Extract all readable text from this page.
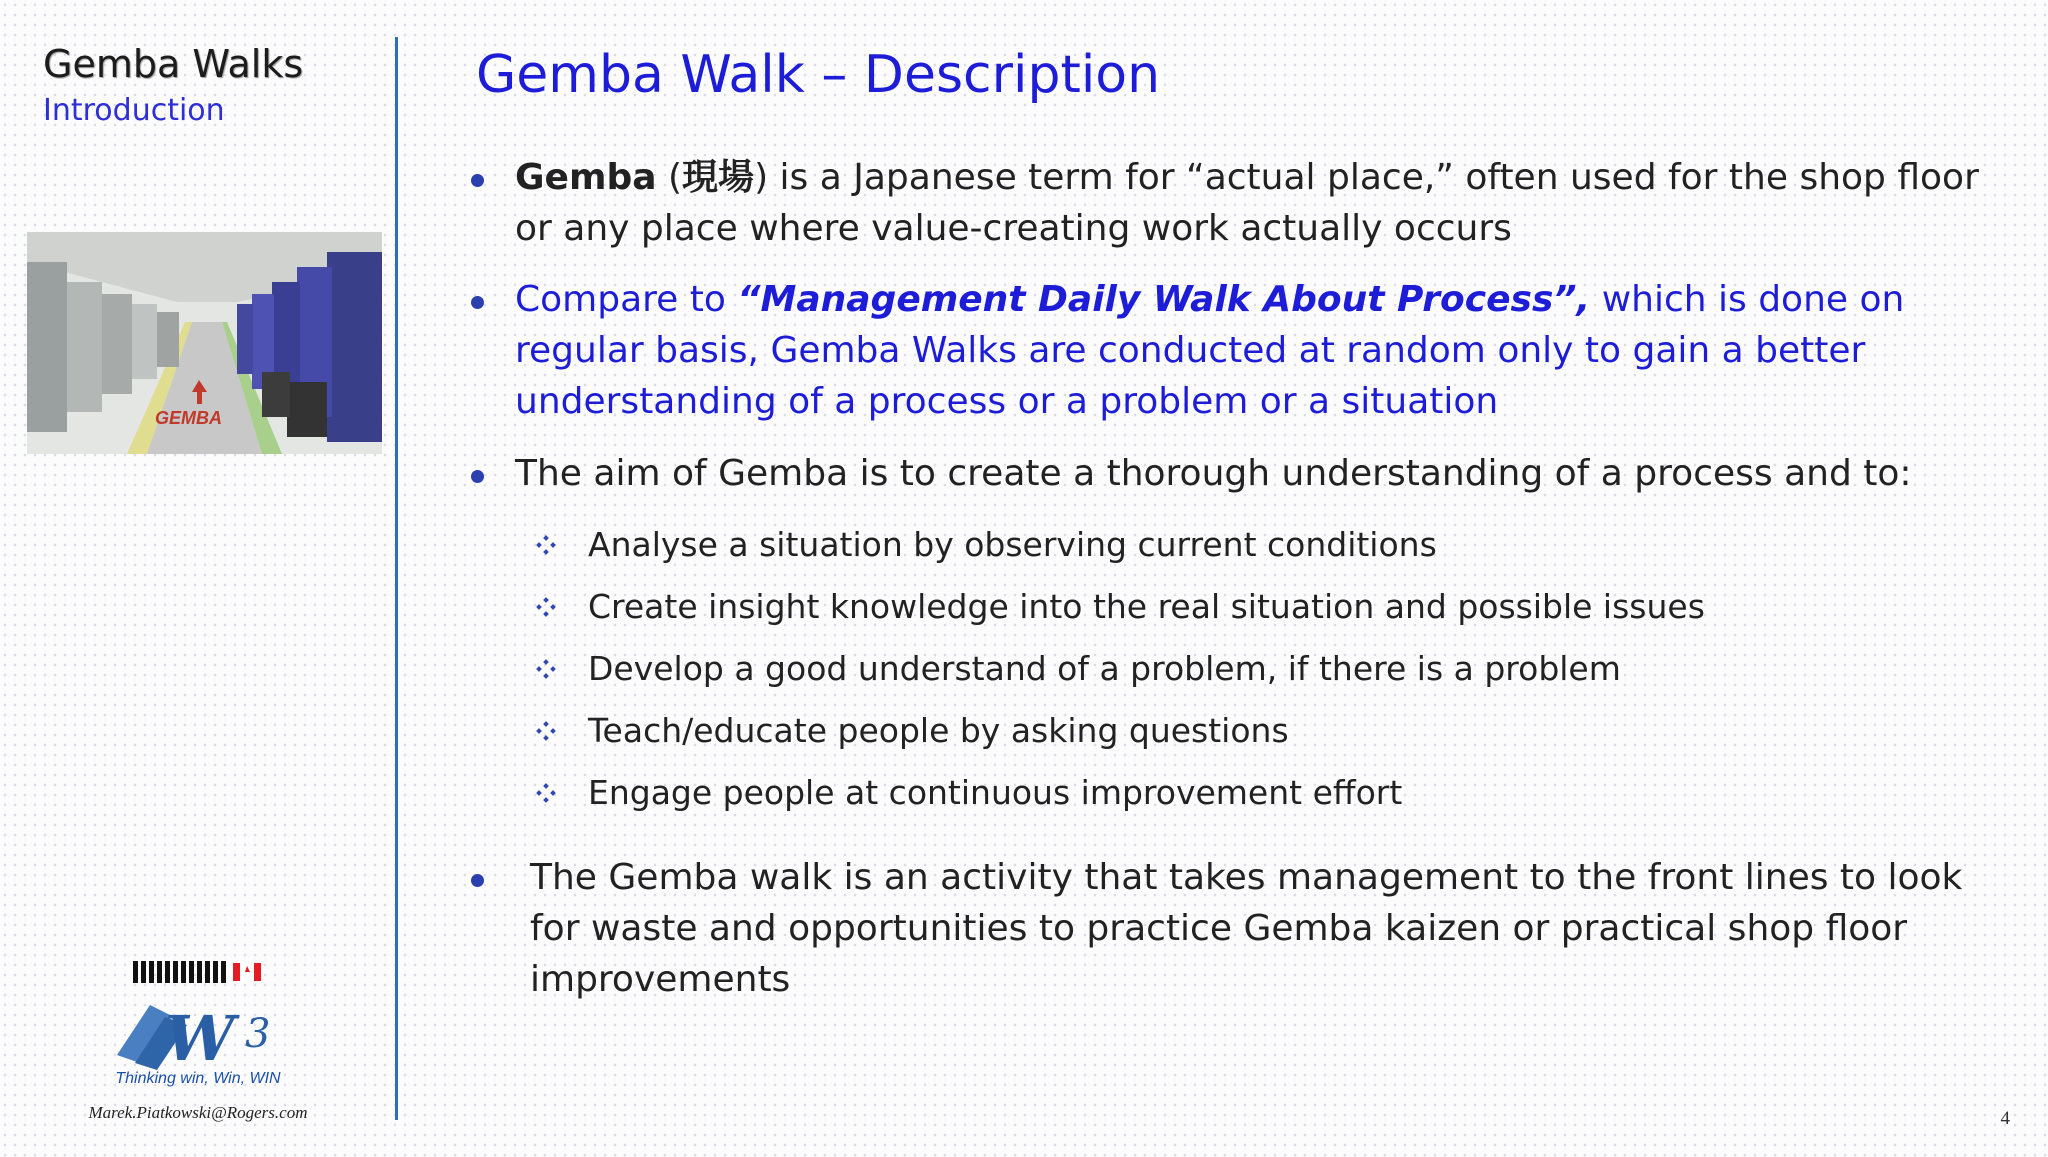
Gemba Walks
Introduction
GEMBA
W 3
Thinking win, Win, WIN
Marek.Piatkowski@Rogers.com
Gemba Walk – Description
Gemba (現場) is a Japanese term for “actual place,” often used for the shop floor or any place where value-creating work actually occurs
Compare to “Management Daily Walk About Process”, which is done on regular basis, Gemba Walks are conducted at random only to gain a better understanding of a process or a problem or a situation
The aim of Gemba is to create a thorough understanding of a process and to:
Analyse a situation by observing current conditions
Create insight knowledge into the real situation and possible issues
Develop a good understand of a problem, if there is a problem
Teach/educate people by asking questions
Engage people at continuous improvement effort
The Gemba walk is an activity that takes management to the front lines to look for waste and opportunities to practice Gemba kaizen or practical shop floor improvements
4
